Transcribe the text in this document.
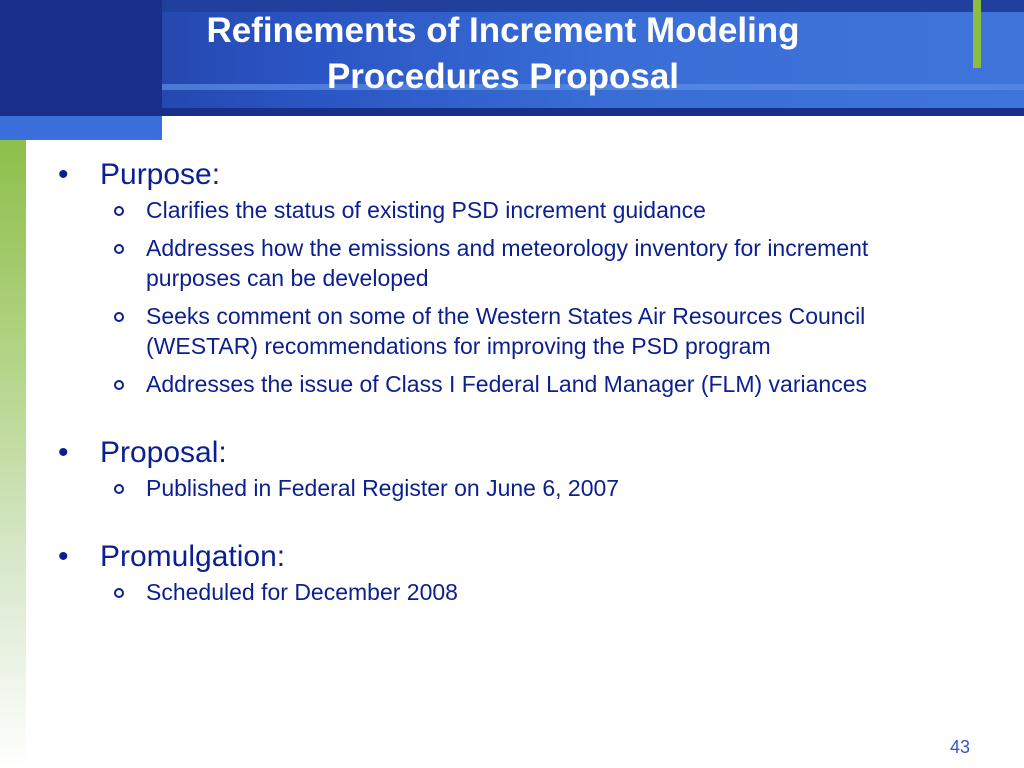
Refinements of Increment Modeling
Procedures Proposal
•	Purpose:
Clarifies the status of existing PSD increment guidance
Addresses how the emissions and meteorology inventory for increment purposes can be developed
Seeks comment on some of the Western States Air Resources Council (WESTAR) recommendations for improving the PSD program
Addresses the issue of Class I Federal Land Manager (FLM) variances
•	Proposal:
Published in Federal Register on June 6, 2007
•	Promulgation:
Scheduled for December 2008
43
